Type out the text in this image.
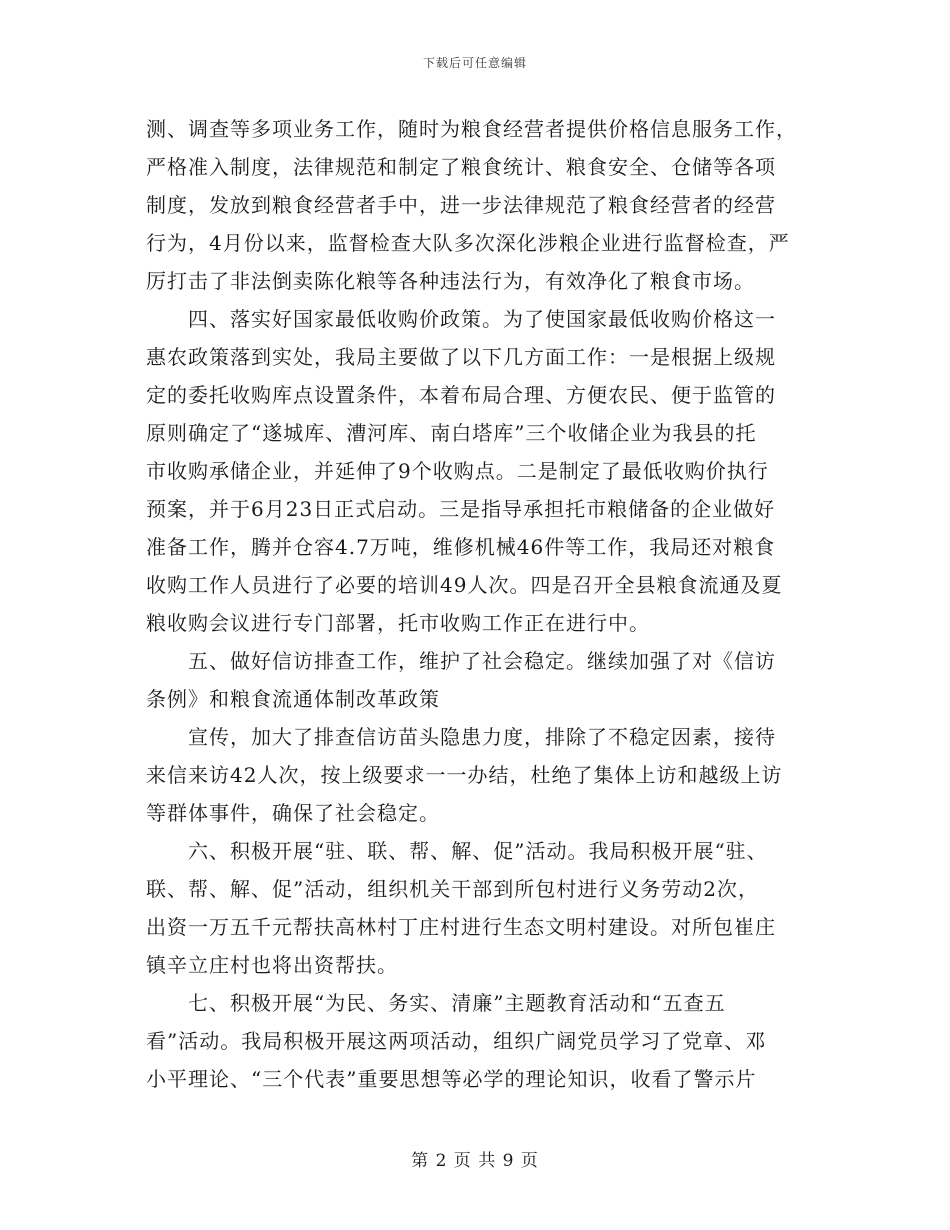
下载后可任意编辑
测、调查等多项业务工作，随时为粮食经营者提供价格信息服务工作，
严格准入制度，法律规范和制定了粮食统计、粮食安全、仓储等各项
制度，发放到粮食经营者手中，进一步法律规范了粮食经营者的经营
行为，4月份以来，监督检查大队多次深化涉粮企业进行监督检查，严
厉打击了非法倒卖陈化粮等各种违法行为，有效净化了粮食市场。
四、落实好国家最低收购价政策。为了使国家最低收购价格这一
惠农政策落到实处，我局主要做了以下几方面工作：一是根据上级规
定的委托收购库点设置条件，本着布局合理、方便农民、便于监管的
原则确定了“遂城库、漕河库、南白塔库”三个收储企业为我县的托
市收购承储企业，并延伸了9个收购点。二是制定了最低收购价执行
预案，并于6月23日正式启动。三是指导承担托市粮储备的企业做好
准备工作，腾并仓容4.7万吨，维修机械46件等工作，我局还对粮食
收购工作人员进行了必要的培训49人次。四是召开全县粮食流通及夏
粮收购会议进行专门部署，托市收购工作正在进行中。
五、做好信访排查工作，维护了社会稳定。继续加强了对《信访
条例》和粮食流通体制改革政策
宣传，加大了排查信访苗头隐患力度，排除了不稳定因素，接待
来信来访42人次，按上级要求一一办结，杜绝了集体上访和越级上访
等群体事件，确保了社会稳定。
六、积极开展“驻、联、帮、解、促”活动。我局积极开展“驻、
联、帮、解、促”活动，组织机关干部到所包村进行义务劳动2次，
出资一万五千元帮扶高林村丁庄村进行生态文明村建设。对所包崔庄
镇辛立庄村也将出资帮扶。
七、积极开展“为民、务实、清廉”主题教育活动和“五查五
看”活动。我局积极开展这两项活动，组织广阔党员学习了党章、邓
小平理论、“三个代表”重要思想等必学的理论知识，收看了警示片
第 2 页 共 9 页
